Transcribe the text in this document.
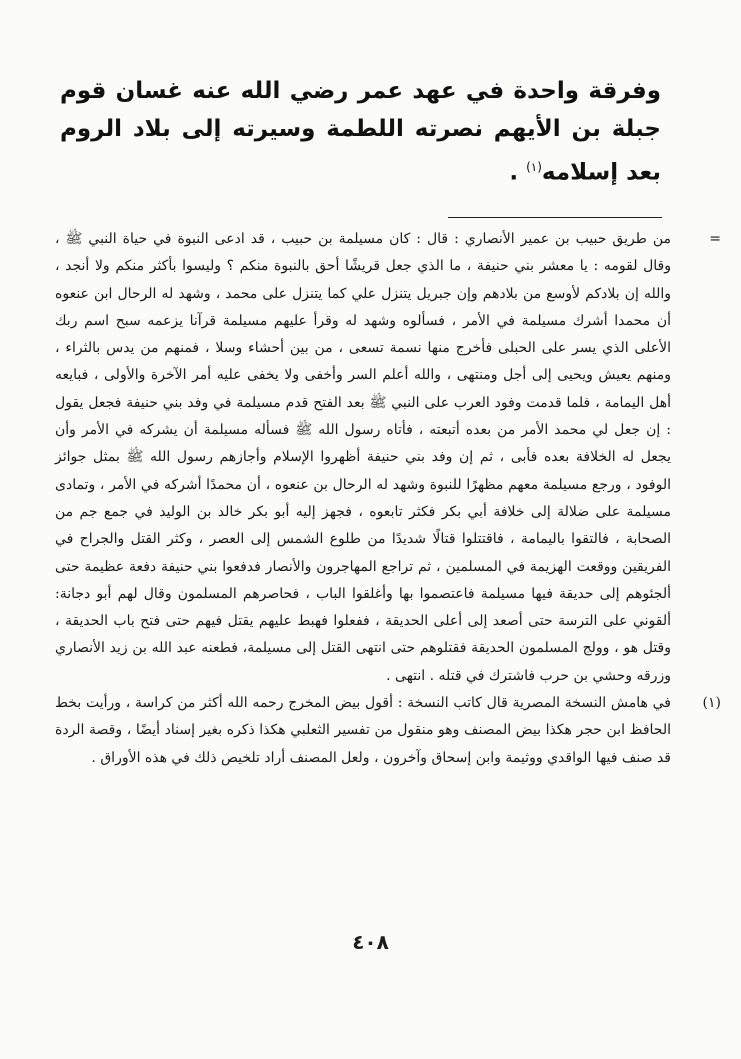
وفرقة واحدة في عهد عمر رضي الله عنه غسان قوم جبلة بن الأيهم نصرته اللطمة وسيرته إلى بلاد الروم بعد إسلامه$^{(١)}$ .

=
من طريق حبيب بن عمير الأنصاري : قال : كان مسيلمة بن حبيب ، قد ادعى النبوة في حياة النبي ﷺ ، وقال لقومه : يا معشر بني حنيفة ، ما الذي جعل قريشًا أحق بالنبوة منكم ؟ وليسوا بأكثر منكم ولا أنجد ، والله إن بلادكم لأوسع من بلادهم وإن جبريل يتنزل علي كما يتنزل على محمد ، وشهد له الرحال ابن عنعوه أن محمدا أشرك مسيلمة في الأمر ، فسألوه وشهد له وقرأ عليهم مسيلمة قرآنا يزعمه سبح اسم ربك الأعلى الذي يسر على الحبلى فأخرج منها نسمة تسعى ، من بين أحشاء وسلا ، فمنهم من يدس بالثراء ، ومنهم يعيش ويحيى إلى أجل ومنتهى ، والله أعلم السر وأخفى ولا يخفى عليه أمر الآخرة والأولى ، فبايعه أهل اليمامة ، فلما قدمت وفود العرب على النبي ﷺ بعد الفتح قدم مسيلمة في وفد بني حنيفة فجعل يقول : إن جعل لي محمد الأمر من بعده أتبعته ، فأتاه رسول الله ﷺ فسأله مسيلمة أن يشركه في الأمر وأن يجعل له الخلافة بعده فأبى ، ثم إن وفد بني حنيفة أظهروا الإسلام وأجازهم رسول الله ﷺ بمثل جوائز الوفود ، ورجع مسيلمة معهم مظهرًا للنبوة وشهد له الرحال بن عنعوه ، أن محمدًا أشركه في الأمر ، وتمادى مسيلمة على ضلالة إلى خلافة أبي بكر فكثر تابعوه ، فجهز إليه أبو بكر خالد بن الوليد في جمع جم من الصحابة ، فالتقوا باليمامة ، فاقتتلوا قتالًا شديدًا من طلوع الشمس إلى العصر ، وكثر القتل والجراح في الفريقين ووقعت الهزيمة في المسلمين ، ثم تراجع المهاجرون والأنصار فدفعوا بني حنيفة دفعة عظيمة حتى ألجئوهم إلى حديقة فيها مسيلمة فاعتصموا بها وأغلقوا الباب ، فحاصرهم المسلمون وقال لهم أبو دجانة: ألقوني على الترسة حتى أصعد إلى أعلى الحديقة ، ففعلوا فهبط عليهم يقتل فيهم حتى فتح باب الحديقة ، وقتل هو ، وولج المسلمون الحديقة فقتلوهم حتى انتهى القتل إلى مسيلمة، فطعنه عبد الله بن زيد الأنصاري وزرقه وحشي بن حرب فاشترك في قتله . انتهى .

(١)
في هامش النسخة المصرية قال كاتب النسخة : أقول بيض المخرج رحمه الله أكثر من كراسة ، ورأيت بخط الحافظ ابن حجر هكذا بيض المصنف وهو منقول من تفسير الثعلبي هكذا ذكره بغير إسناد أيضًا ، وقصة الردة قد صنف فيها الواقدي ووثيمة وابن إسحاق وآخرون ، ولعل المصنف أراد تلخيص ذلك في هذه الأوراق .

٤٠٨
